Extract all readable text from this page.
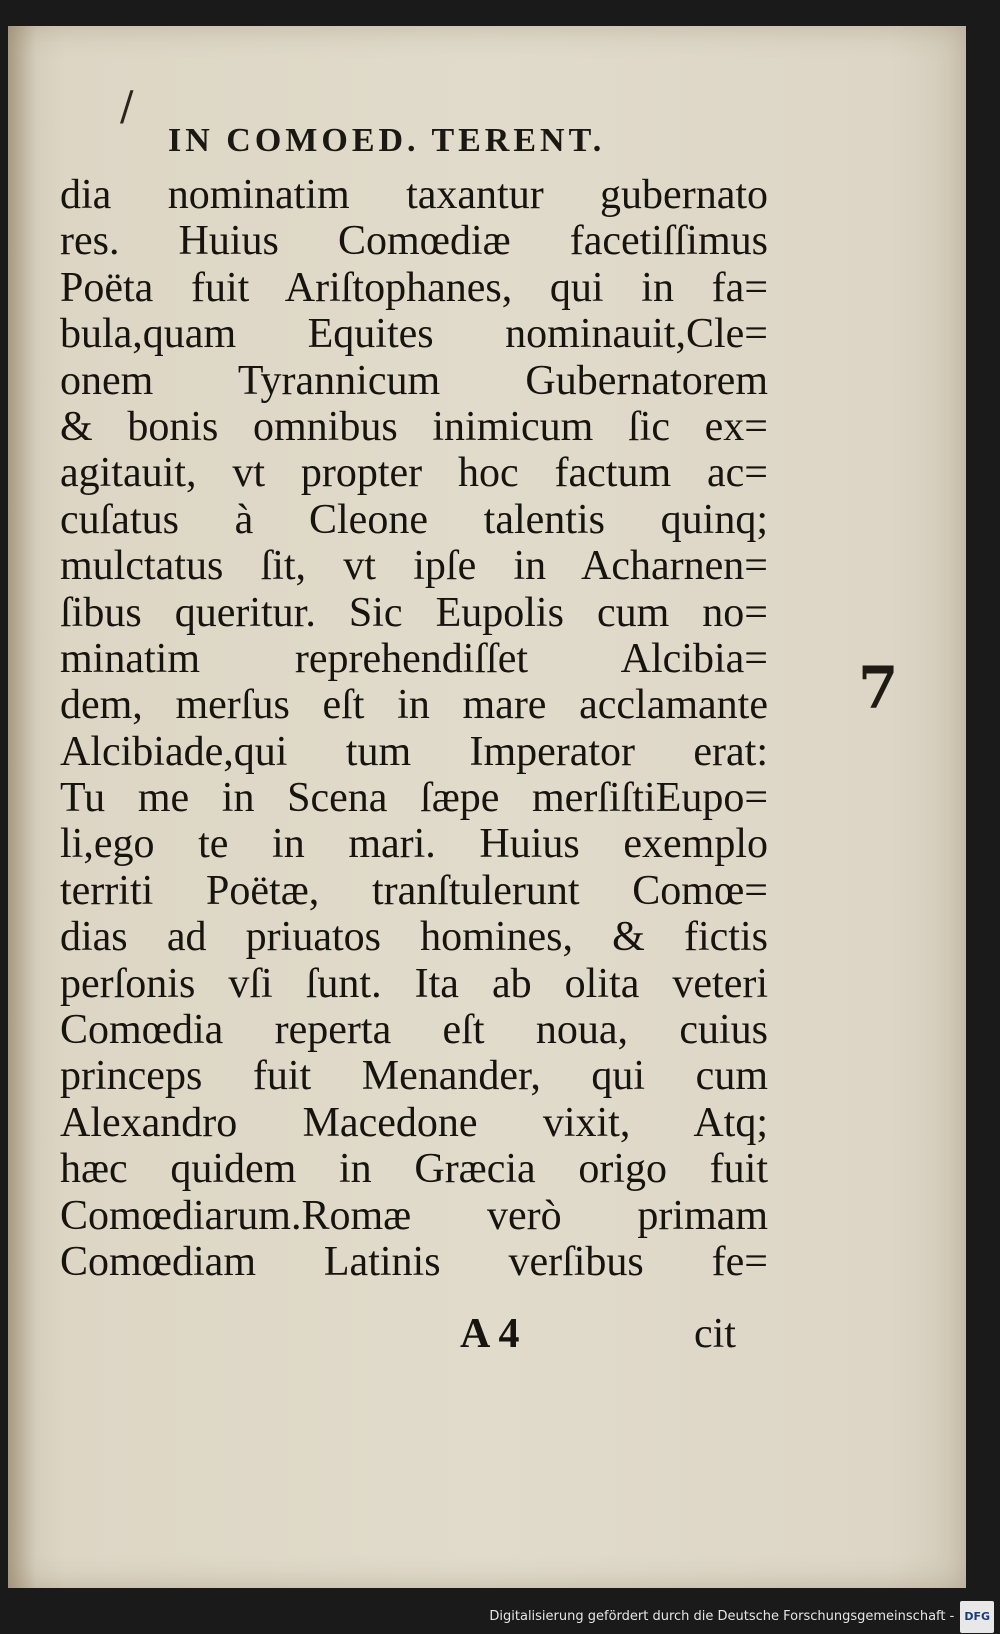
/
7
IN COMOED. TERENT.
dia nominatim taxantur gubernato
res. Huius Comœdiæ facetiſſimus
Poëta fuit Ariſtophanes, qui in fa=
bula,quam Equites nominauit,Cle=
onem Tyrannicum Gubernatorem
& bonis omnibus inimicum ſic ex=
agitauit, vt propter hoc factum ac=
cuſatus à Cleone talentis quinq;
mulctatus ſit, vt ipſe in Acharnen=
ſibus queritur. Sic Eupolis cum no=
minatim reprehendiſſet Alcibia=
dem, merſus eſt in mare acclamante
Alcibiade,qui tum Imperator erat:
Tu me in Scena ſæpe merſiſtiEupo=
li,ego te in mari. Huius exemplo
territi Poëtæ, tranſtulerunt Comœ=
dias ad priuatos homines, & fictis
perſonis vſi ſunt. Ita ab olita veteri
Comœdia reperta eſt noua, cuius
princeps fuit Menander, qui cum
Alexandro Macedone vixit, Atq;
hæc quidem in Græcia origo fuit
Comœdiarum.Romæ verò primam
Comœdiam Latinis verſibus fe=
A 4	cit
Digitalisierung gefördert durch die Deutsche Forschungsgemeinschaft - DFG
